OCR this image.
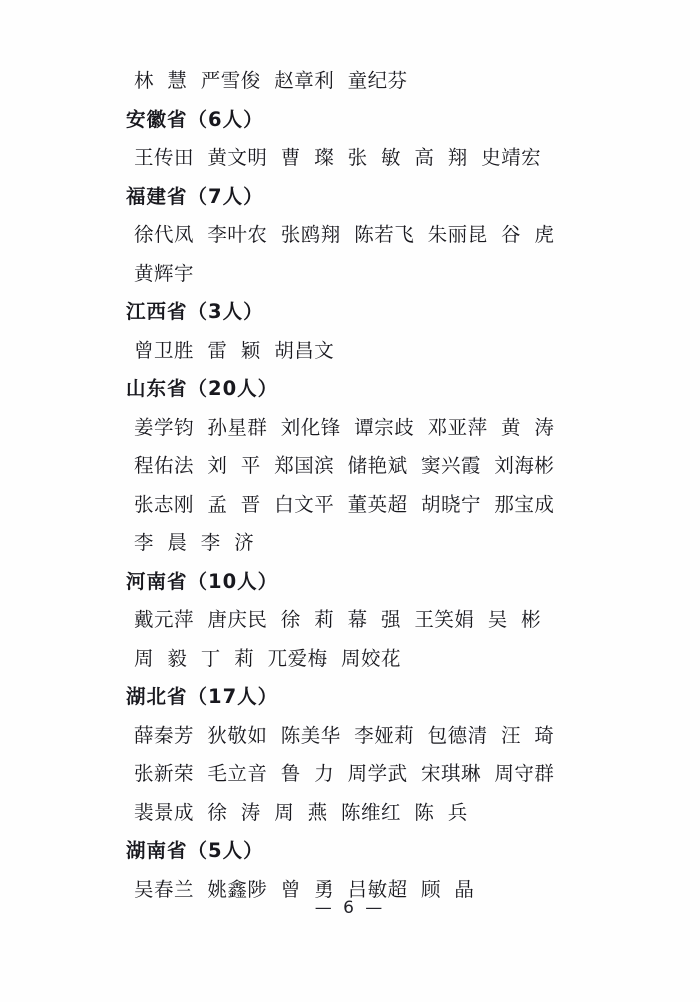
林  慧  严雪俊  赵章利  童纪芬
安徽省（6人）
王传田  黄文明  曹  璨  张  敏  高  翔  史靖宏
福建省（7人）
徐代凤  李叶农  张鸥翔  陈若飞  朱丽昆  谷  虎
黄辉宇
江西省（3人）
曾卫胜  雷  颖  胡昌文
山东省（20人）
姜学钧  孙星群  刘化锋  谭宗歧  邓亚萍  黄  涛
程佑法  刘  平  郑国滨  储艳斌  窦兴霞  刘海彬
张志刚  孟  晋  白文平  董英超  胡晓宁  那宝成
李  晨  李  济
河南省（10人）
戴元萍  唐庆民  徐  莉  幕  强  王笑娟  吴  彬
周  毅  丁  莉  兀爱梅  周姣花
湖北省（17人）
薛秦芳  狄敬如  陈美华  李娅莉  包德清  汪  琦
张新荣  毛立音  鲁  力  周学武  宋琪琳  周守群
裴景成  徐  涛  周  燕  陈维红  陈  兵
湖南省（5人）
吴春兰  姚鑫陟  曾  勇  吕敏超  顾  晶
— 6 —
